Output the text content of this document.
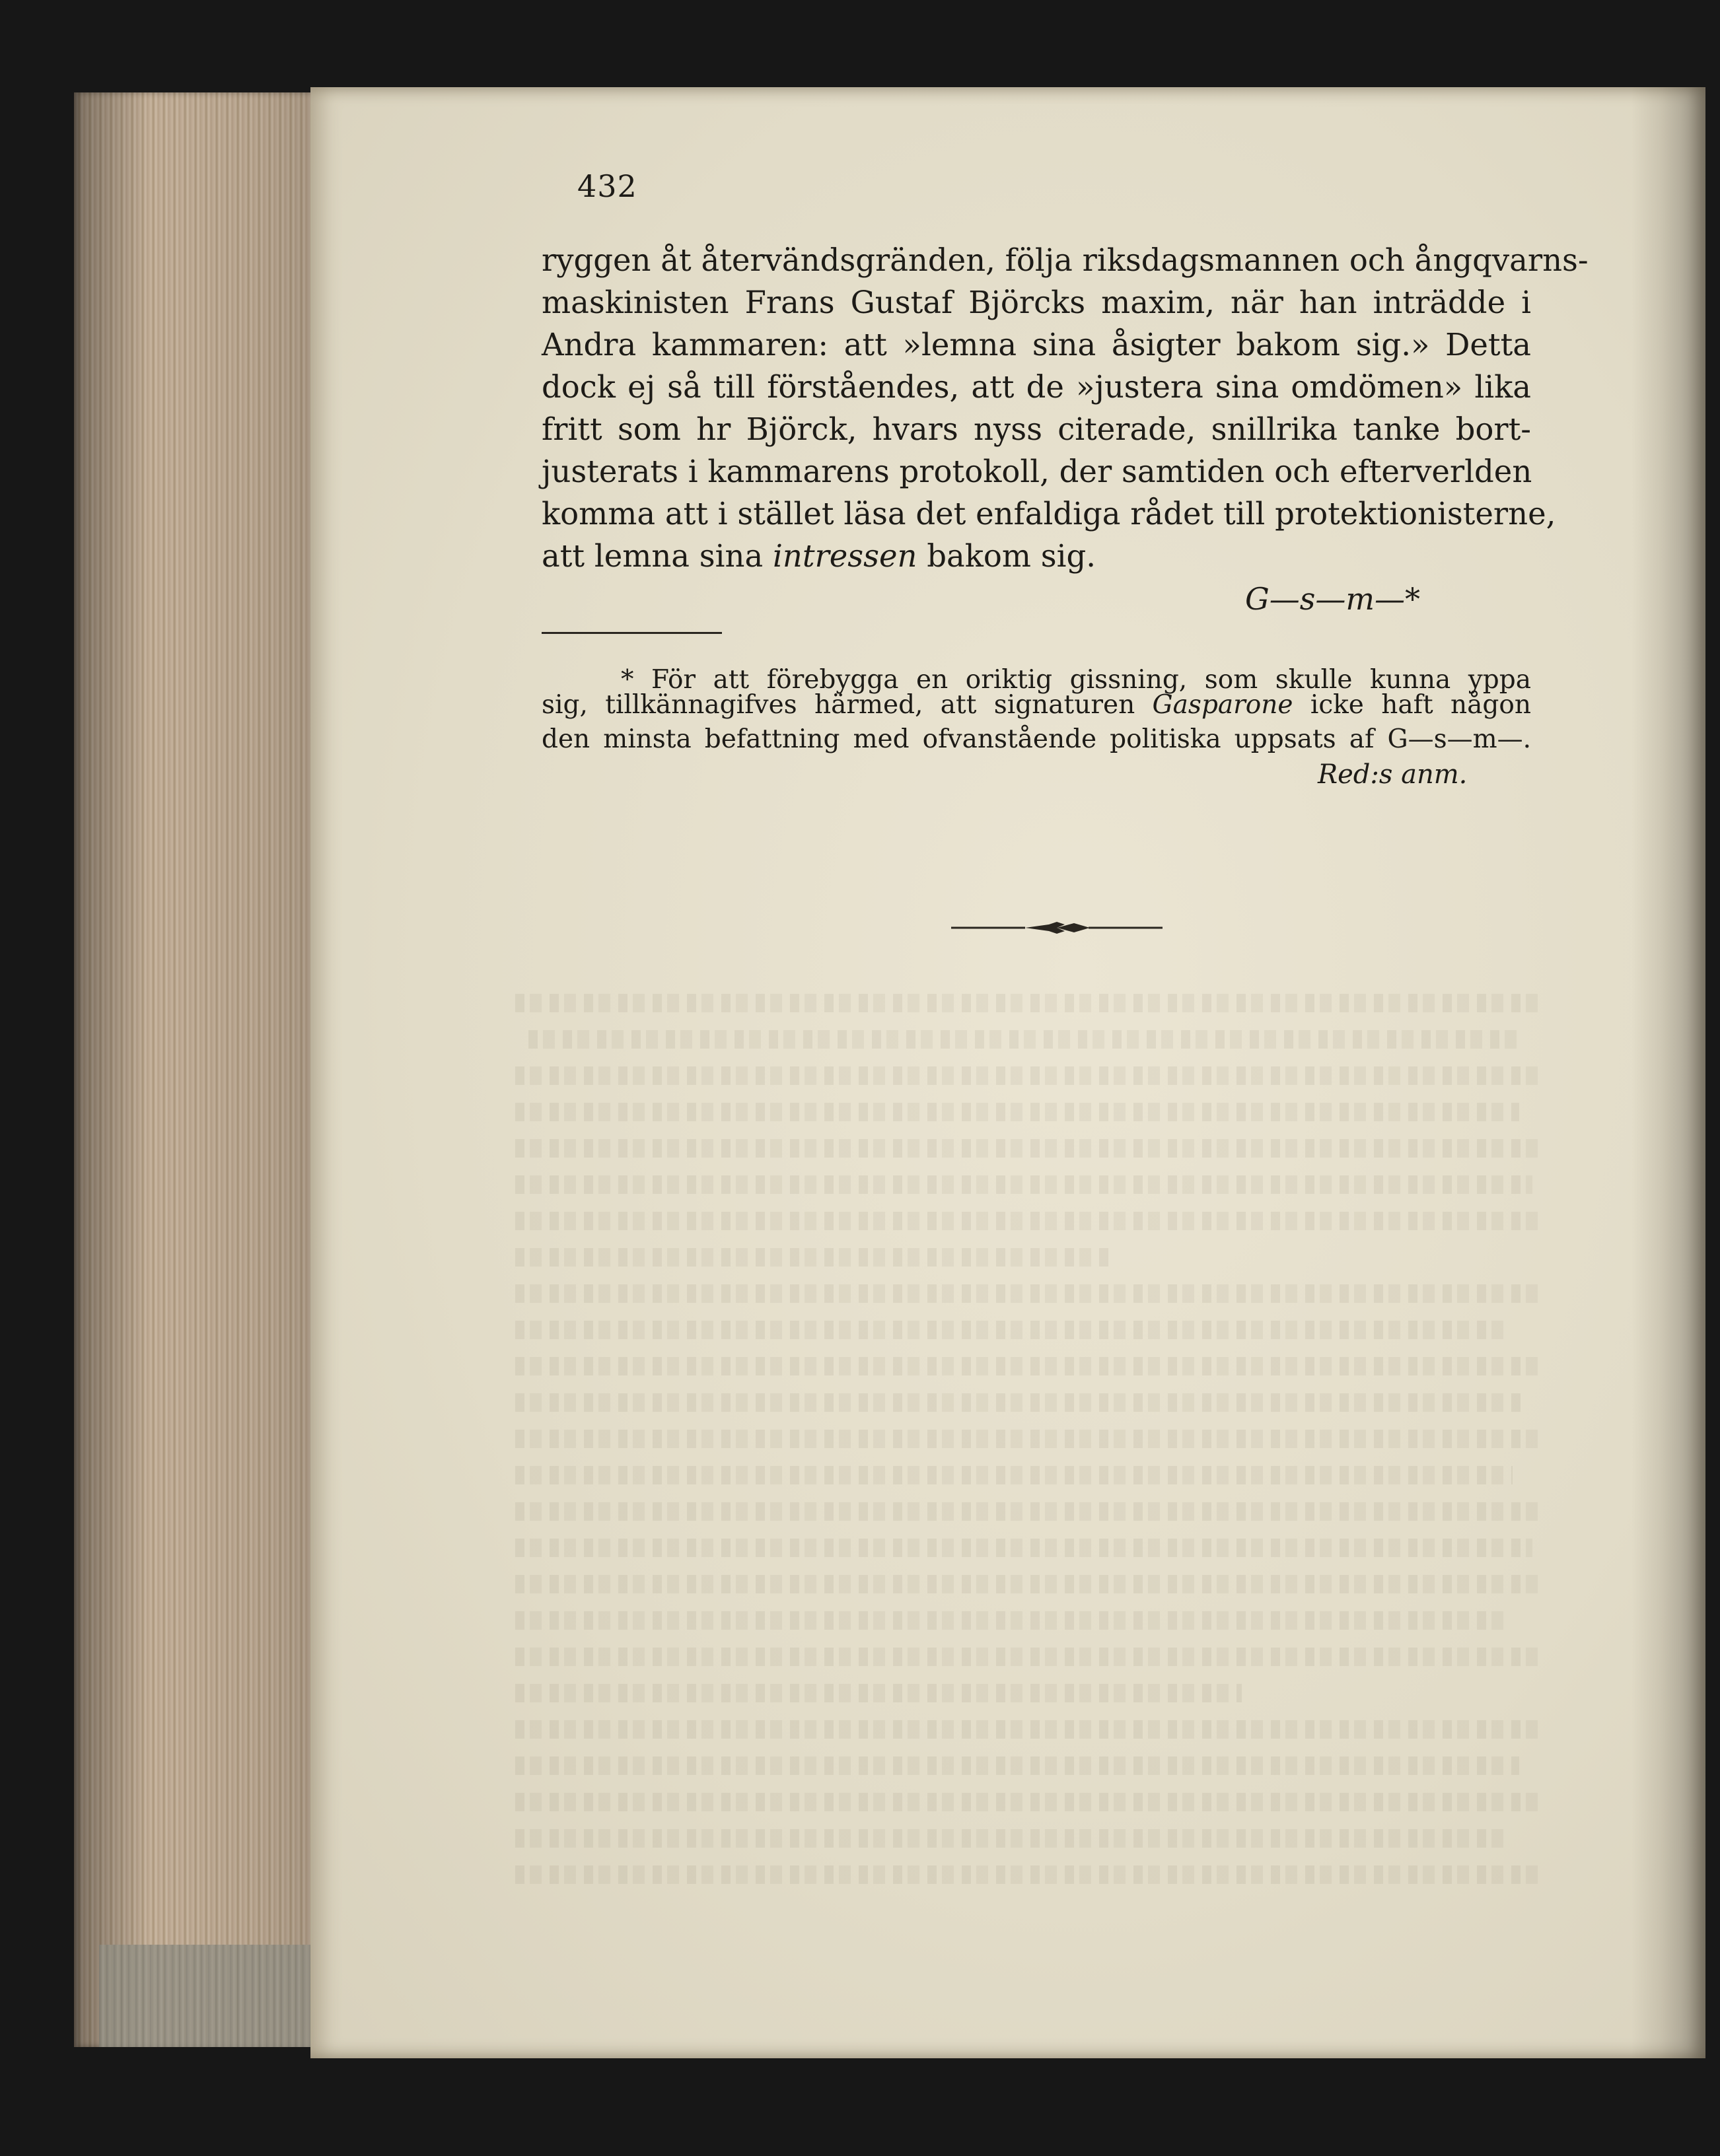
432

ryggen åt återvändsgränden, följa riksdagsmannen och ångqvarns-

maskinisten Frans Gustaf Björcks maxim, när han inträdde i

Andra kammaren: att »lemna sina åsigter bakom sig.» Detta

dock ej så till förståendes, att de »justera sina omdömen» lika

fritt som hr Björck, hvars nyss citerade, snillrika tanke bort-

justerats i kammarens protokoll, der samtiden och efterverlden

komma att i stället läsa det enfaldiga rådet till protektionisterne,

att lemna sina intressen bakom sig.

G—s—m—*

* För att förebygga en oriktig gissning, som skulle kunna yppa

sig, tillkännagifves härmed, att signaturen Gasparone icke haft någon

den minsta befattning med ofvanstående politiska uppsats af G—s—m—.

Red:s anm.
